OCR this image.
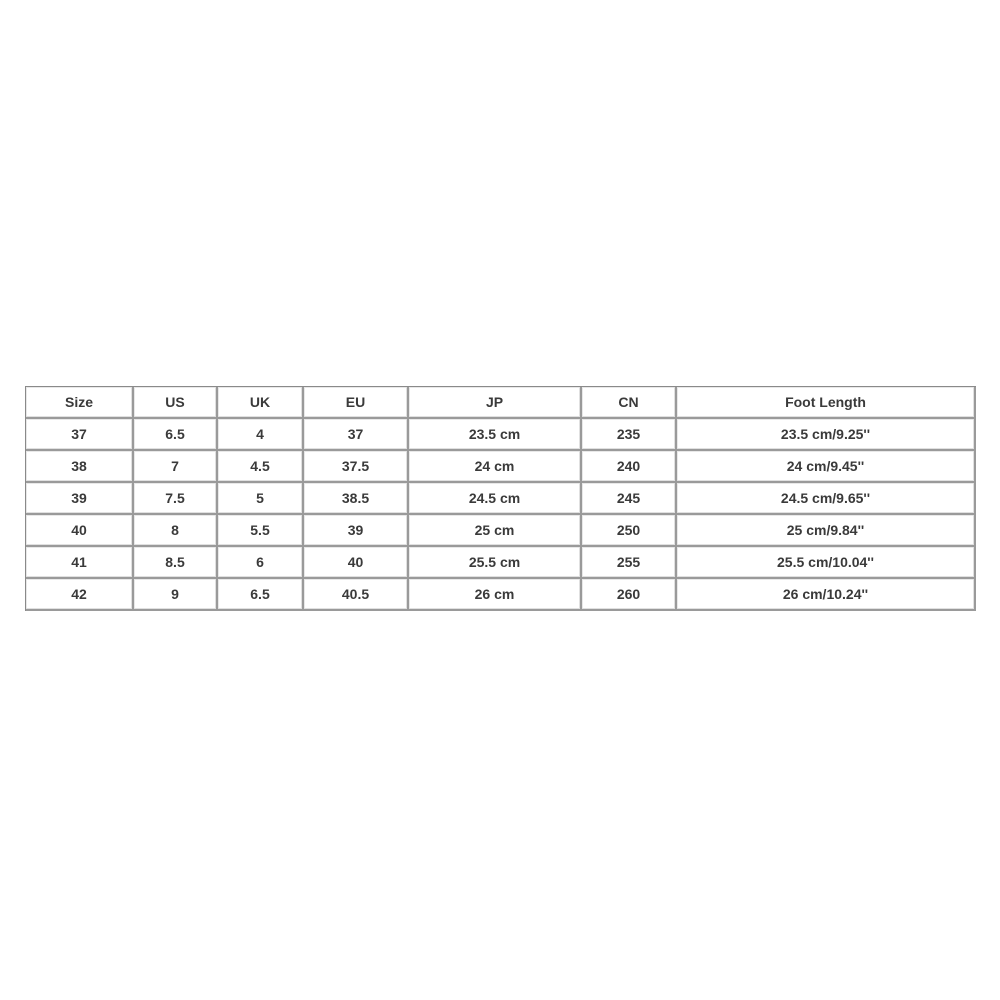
Size	US	UK	EU	JP	CN	Foot Length
37	6.5	4	37	23.5 cm	235	23.5 cm/9.25''
38	7	4.5	37.5	24 cm	240	24 cm/9.45''
39	7.5	5	38.5	24.5 cm	245	24.5 cm/9.65''
40	8	5.5	39	25 cm	250	25 cm/9.84''
41	8.5	6	40	25.5 cm	255	25.5 cm/10.04''
42	9	6.5	40.5	26 cm	260	26 cm/10.24''
